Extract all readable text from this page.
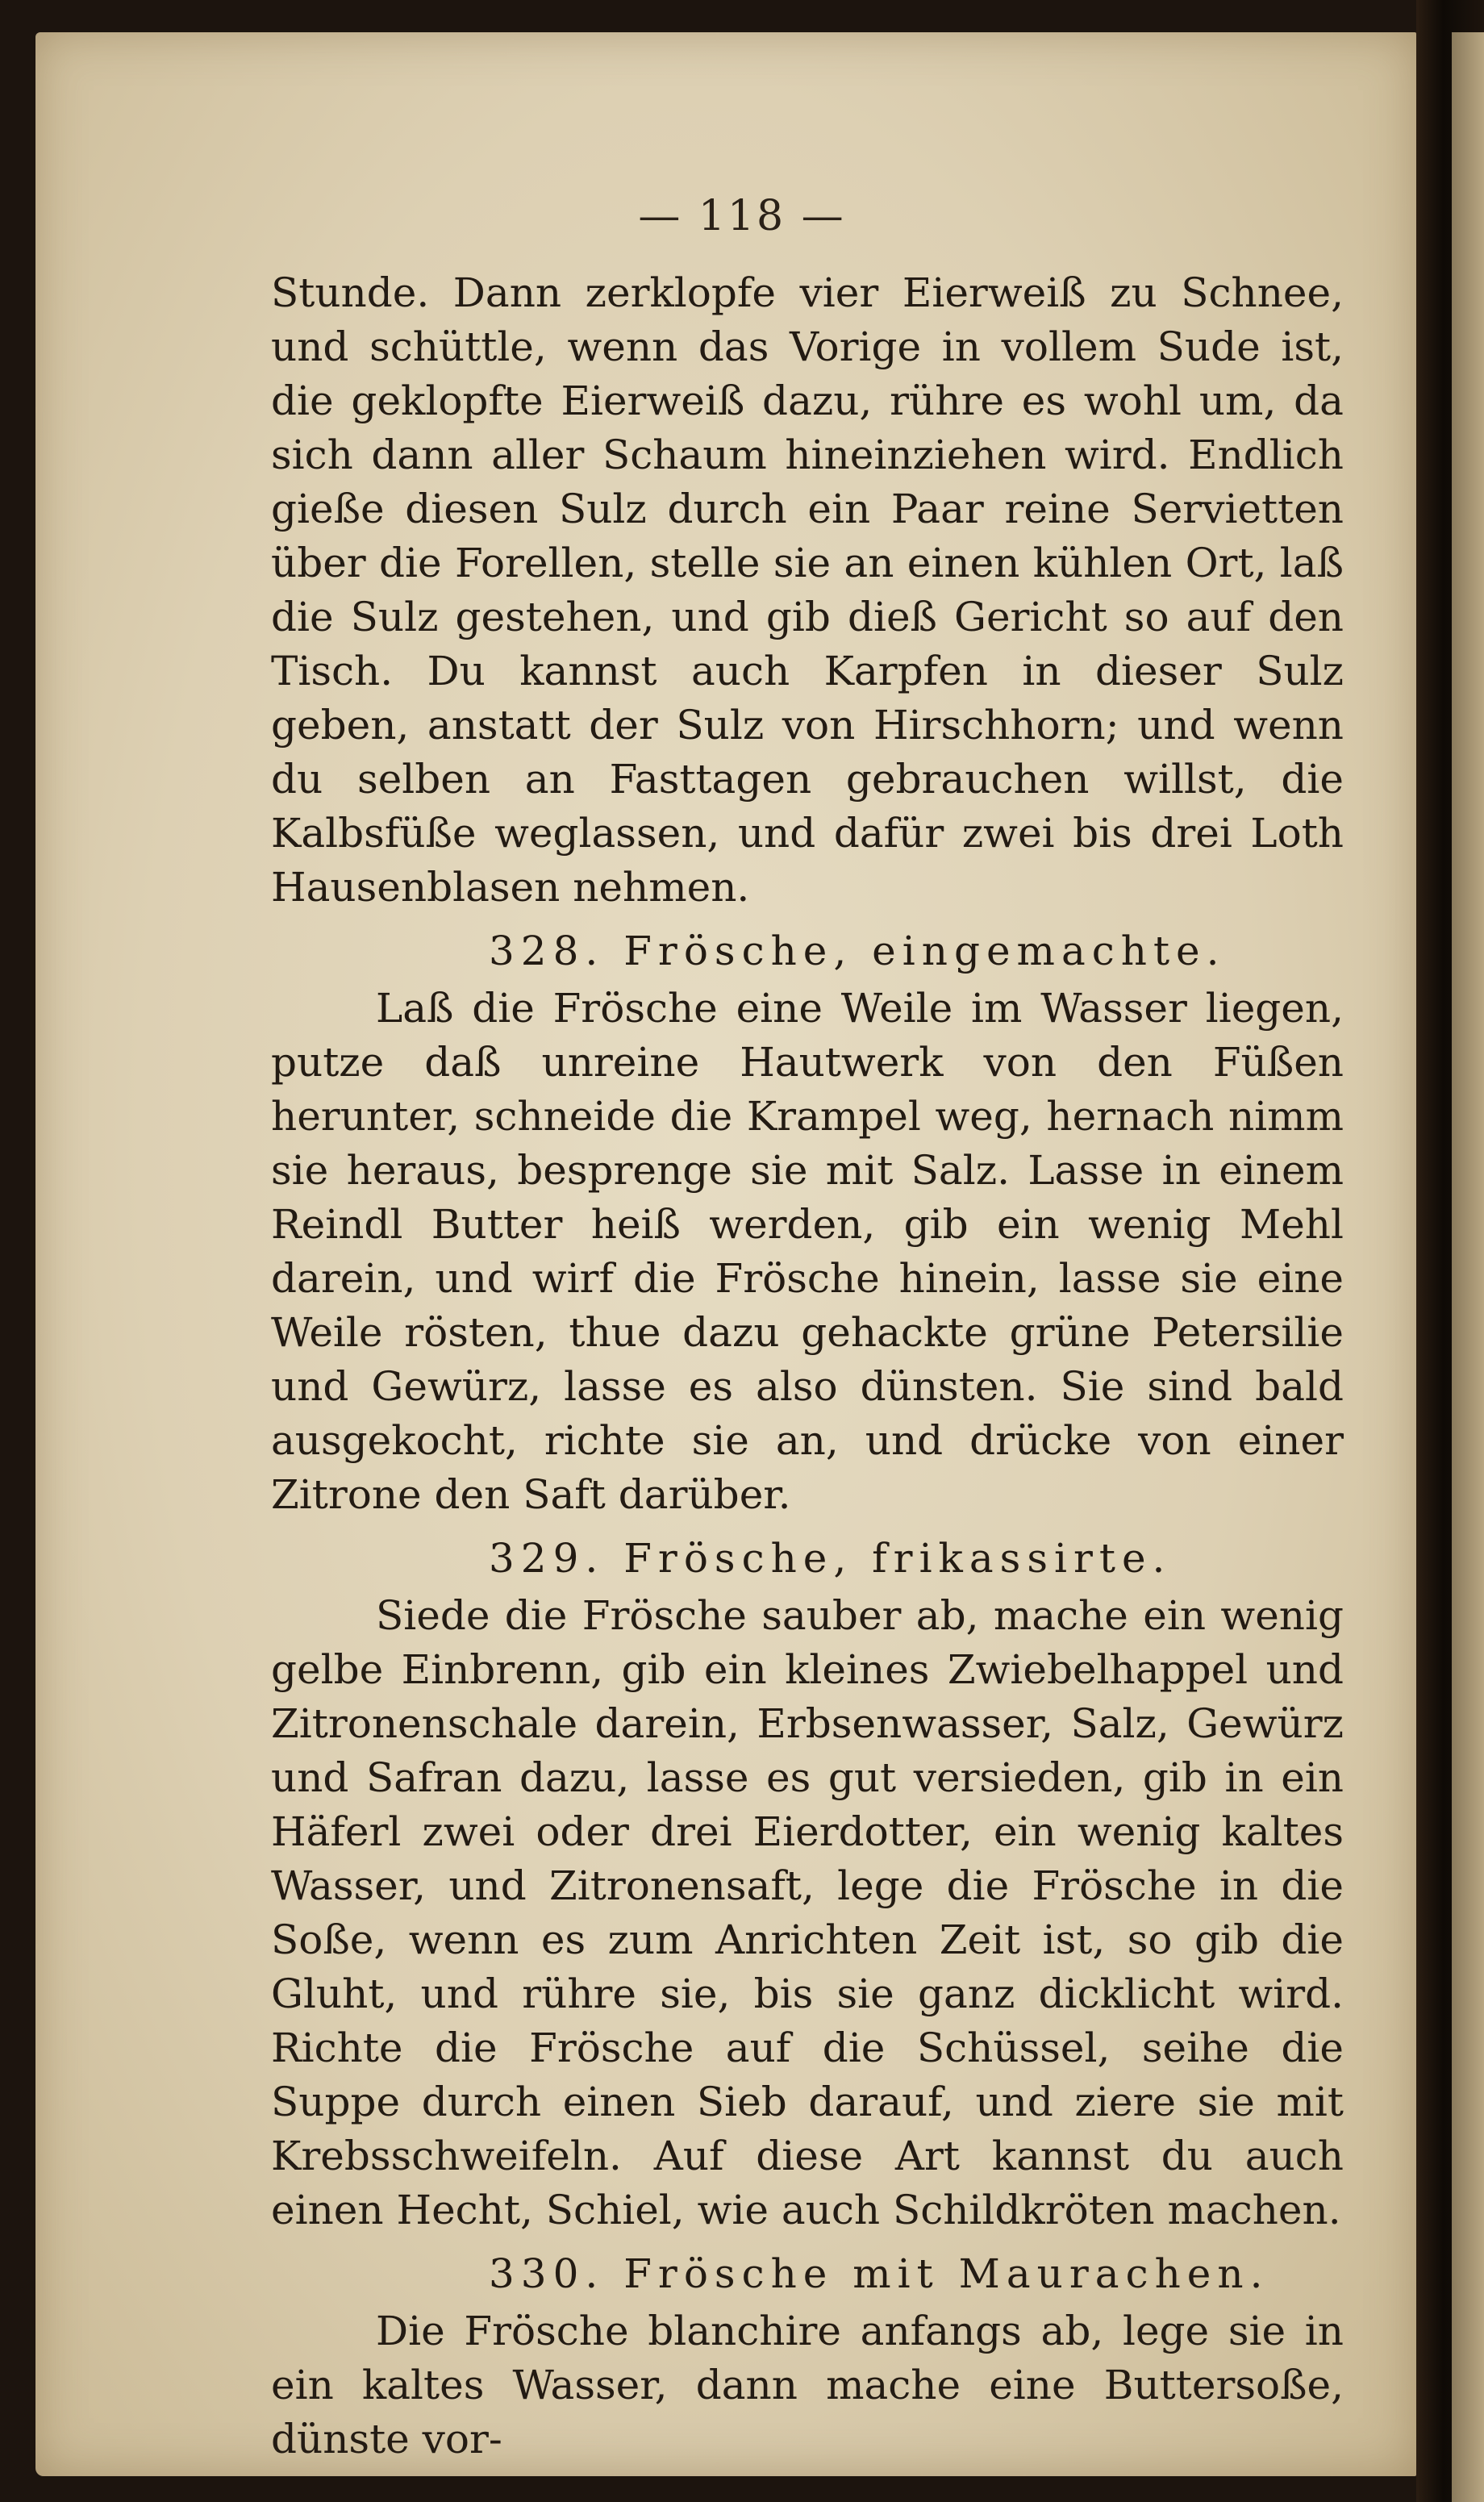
— 118 —

Stunde. Dann zerklopfe vier Eierweiß zu Schnee, und schüttle, wenn das Vorige in vollem Sude ist, die geklopfte Eierweiß dazu, rühre es wohl um, da sich dann aller Schaum hineinziehen wird. Endlich gieße diesen Sulz durch ein Paar reine Servietten über die Forellen, stelle sie an einen kühlen Ort, laß die Sulz gestehen, und gib dieß Gericht so auf den Tisch. Du kannst auch Karpfen in dieser Sulz geben, anstatt der Sulz von Hirschhorn; und wenn du selben an Fasttagen gebrauchen willst, die Kalbsfüße weglassen, und dafür zwei bis drei Loth Hausenblasen nehmen.

328. Frösche, eingemachte.

Laß die Frösche eine Weile im Wasser liegen, putze daß unreine Hautwerk von den Füßen herunter, schneide die Krampel weg, hernach nimm sie heraus, besprenge sie mit Salz. Lasse in einem Reindl Butter heiß werden, gib ein wenig Mehl darein, und wirf die Frösche hinein, lasse sie eine Weile rösten, thue dazu gehackte grüne Petersilie und Gewürz, lasse es also dünsten. Sie sind bald ausgekocht, richte sie an, und drücke von einer Zitrone den Saft darüber.

329. Frösche, frikassirte.

Siede die Frösche sauber ab, mache ein wenig gelbe Einbrenn, gib ein kleines Zwiebelhappel und Zitronenschale darein, Erbsenwasser, Salz, Gewürz und Safran dazu, lasse es gut versieden, gib in ein Häferl zwei oder drei Eierdotter, ein wenig kaltes Wasser, und Zitronensaft, lege die Frösche in die Soße, wenn es zum Anrichten Zeit ist, so gib die Gluht, und rühre sie, bis sie ganz dicklicht wird. Richte die Frösche auf die Schüssel, seihe die Suppe durch einen Sieb darauf, und ziere sie mit Krebsschweifeln. Auf diese Art kannst du auch einen Hecht, Schiel, wie auch Schildkröten machen.

330. Frösche mit Maurachen.

Die Frösche blanchire anfangs ab, lege sie in ein kaltes Wasser, dann mache eine Buttersoße, dünste vor-
